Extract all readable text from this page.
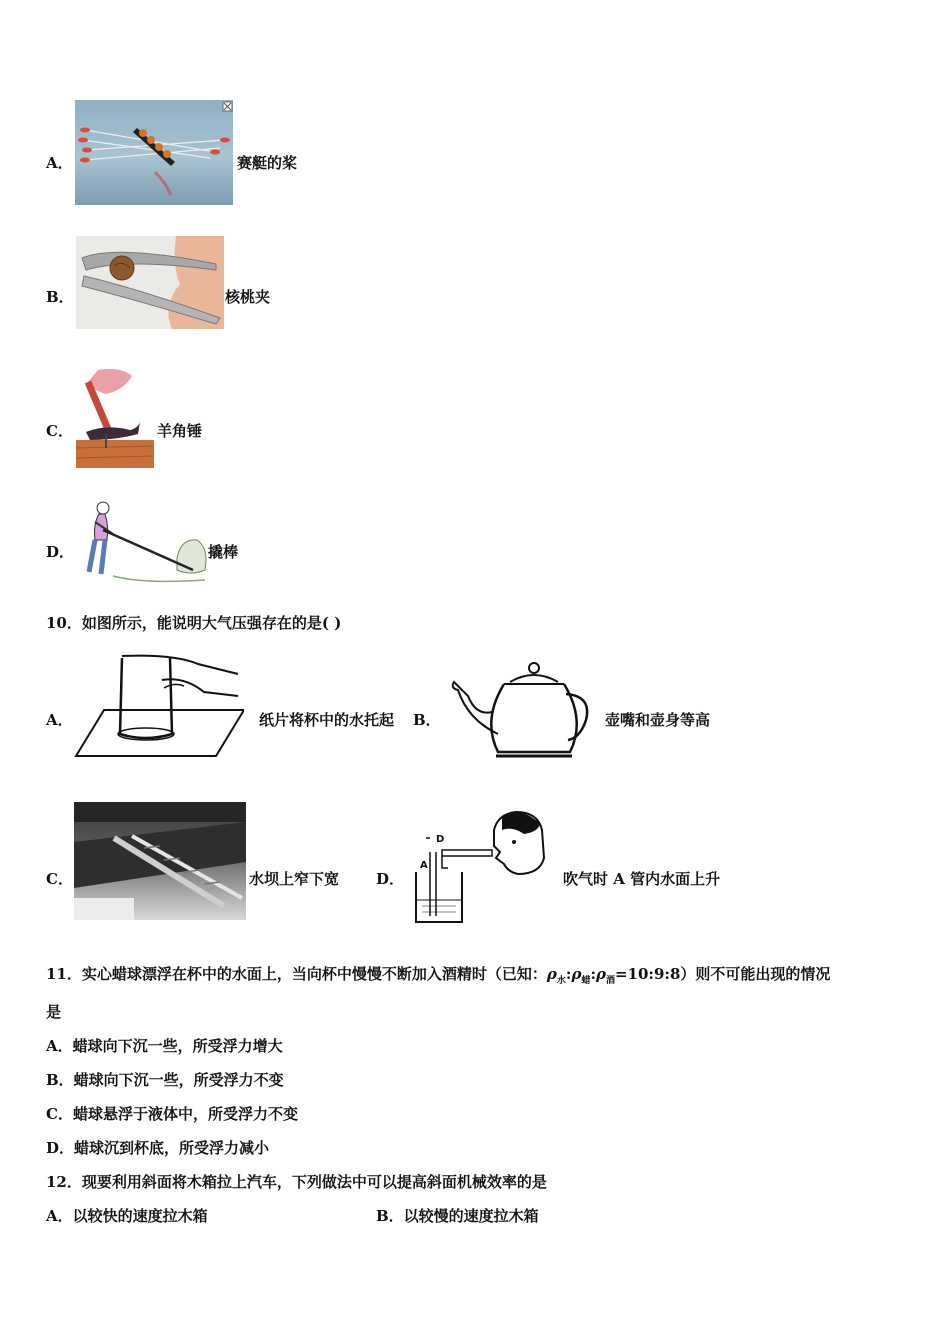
A．	赛艇的桨
B．	核桃夹
C．	羊角锤
D．	撬棒
10．如图所示，能说明大气压强存在的是( )
A．	纸片将杯中的水托起 B．	壶嘴和壶身等高
C．	水坝上窄下宽 D．
D
A
吹气时 A 管内水面上升
11．实心蜡球漂浮在杯中的水面上，当向杯中慢慢不断加入酒精时（已知：$\rho_水:\rho_蜡:\rho_酒=10:9:8$）则不可能出现的情况
是
A．蜡球向下沉一些，所受浮力增大
B．蜡球向下沉一些，所受浮力不变
C．蜡球悬浮于液体中，所受浮力不变
D．蜡球沉到杯底，所受浮力减小
12．现要利用斜面将木箱拉上汽车，下列做法中可以提高斜面机械效率的是
A．以较快的速度拉木箱	B．以较慢的速度拉木箱
